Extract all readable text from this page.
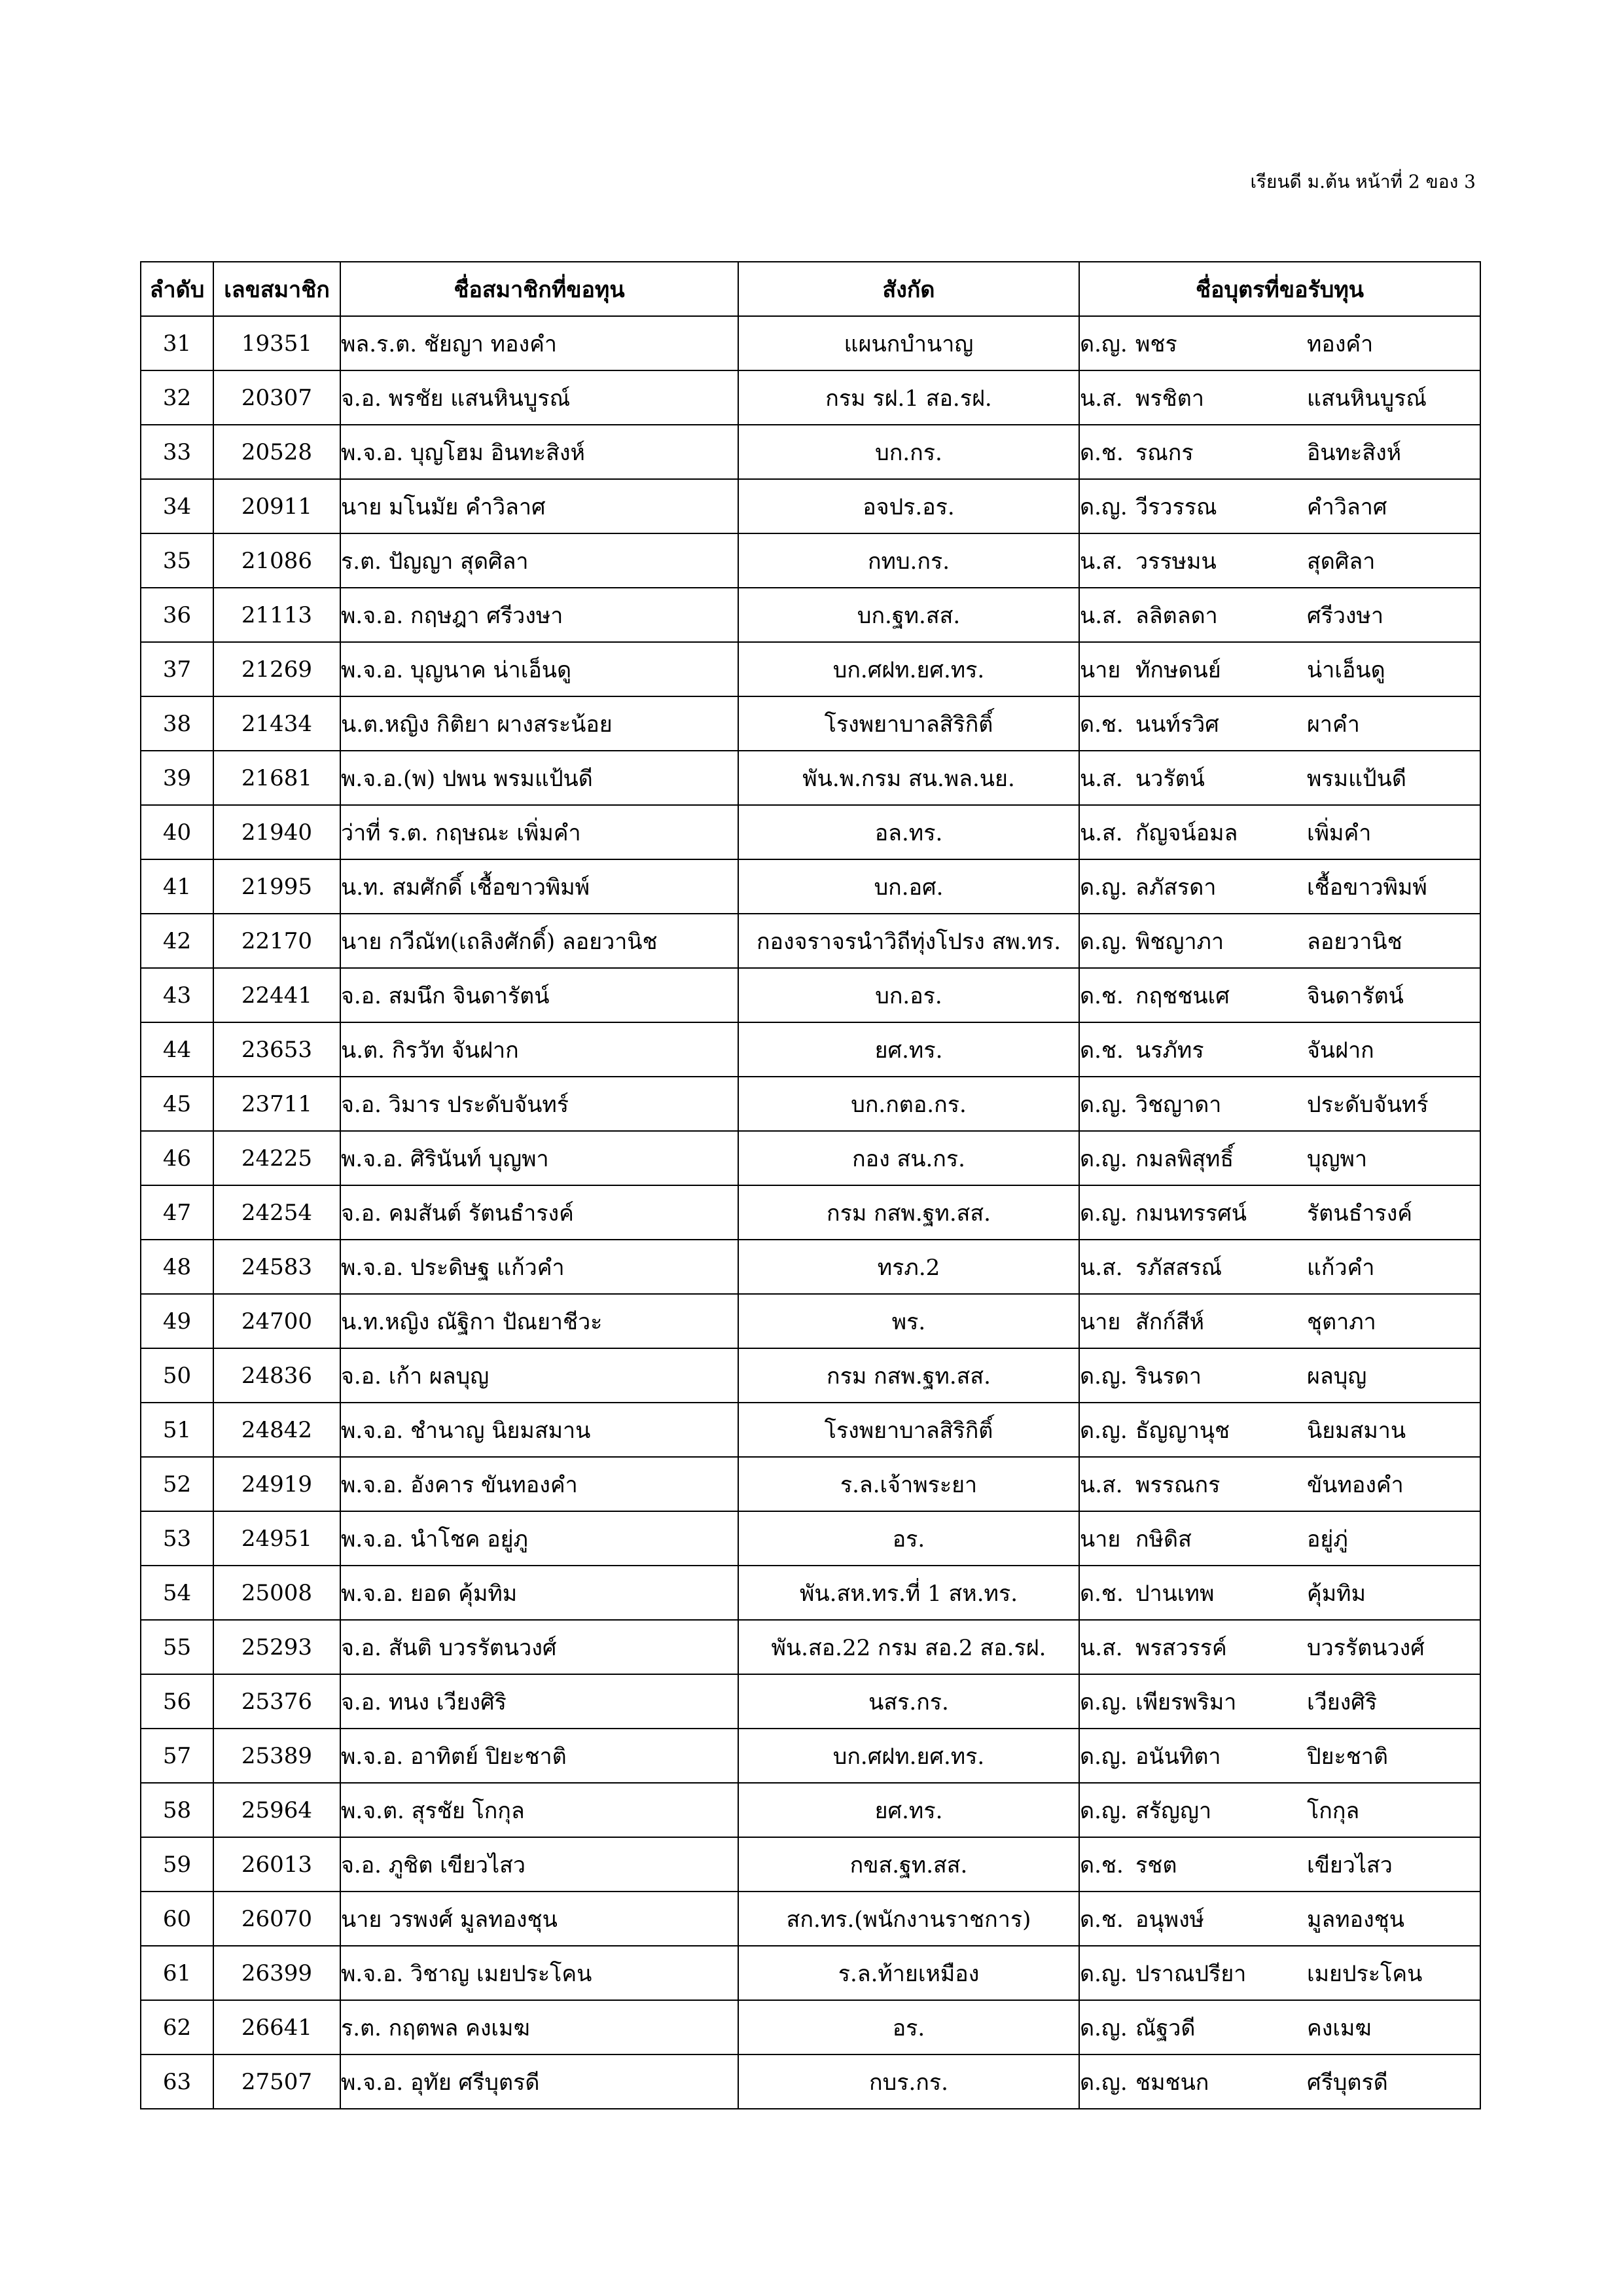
เรียนดี ม.ต้น หน้าที่ 2 ของ 3
ลำดับ	เลขสมาชิก	ชื่อสมาชิกที่ขอทุน	สังกัด	ชื่อบุตรที่ขอรับทุน
31	19351	พล.ร.ต. ชัยญา ทองคำ	แผนกบำนาญ	ด.ญ. พชร ทองคำ
32	20307	จ.อ. พรชัย แสนหินบูรณ์	กรม รฝ.1 สอ.รฝ.	น.ส. พรชิตา แสนหินบูรณ์
33	20528	พ.จ.อ. บุญโฮม อินทะสิงห์	บก.กร.	ด.ช. รณกร อินทะสิงห์
34	20911	นาย มโนมัย คำวิลาศ	อจปร.อร.	ด.ญ. วีรวรรณ คำวิลาศ
35	21086	ร.ต. ปัญญา สุดศิลา	กทบ.กร.	น.ส. วรรษมน สุดศิลา
36	21113	พ.จ.อ. กฤษฎา ศรีวงษา	บก.ฐท.สส.	น.ส. ลลิตลดา ศรีวงษา
37	21269	พ.จ.อ. บุญนาค น่าเอ็นดู	บก.ศฝท.ยศ.ทร.	นาย ทักษดนย์ น่าเอ็นดู
38	21434	น.ต.หญิง กิติยา ผางสระน้อย	โรงพยาบาลสิริกิติ์	ด.ช. นนท์รวิศ ผาคำ
39	21681	พ.จ.อ.(พ) ปพน พรมแป้นดี	พัน.พ.กรม สน.พล.นย.	น.ส. นวรัตน์ พรมแป้นดี
40	21940	ว่าที่ ร.ต. กฤษณะ เพิ่มคำ	อล.ทร.	น.ส. กัญจน์อมล เพิ่มคำ
41	21995	น.ท. สมศักดิ์ เชื้อขาวพิมพ์	บก.อศ.	ด.ญ. ลภัสรดา เชื้อขาวพิมพ์
42	22170	นาย กวีณัท(เถลิงศักดิ์) ลอยวานิช	กองจราจรนำวิถีทุ่งโปรง สพ.ทร.	ด.ญ. พิชญาภา ลอยวานิช
43	22441	จ.อ. สมนึก จินดารัตน์	บก.อร.	ด.ช. กฤชชนเศ จินดารัตน์
44	23653	น.ต. กิรวัท จันฝาก	ยศ.ทร.	ด.ช. นรภัทร จันฝาก
45	23711	จ.อ. วิมาร ประดับจันทร์	บก.กตอ.กร.	ด.ญ. วิชญาดา ประดับจันทร์
46	24225	พ.จ.อ. ศิรินันท์ บุญพา	กอง สน.กร.	ด.ญ. กมลพิสุทธิ์ บุญพา
47	24254	จ.อ. คมสันต์ รัตนธำรงค์	กรม กสพ.ฐท.สส.	ด.ญ. กมนทรรศน์ รัตนธำรงค์
48	24583	พ.จ.อ. ประดิษฐ แก้วคำ	ทรภ.2	น.ส. รภัสสรณ์ แก้วคำ
49	24700	น.ท.หญิง ณัฐิกา ปัณยาชีวะ	พร.	นาย สักก์สีห์ ชุตาภา
50	24836	จ.อ. เก้า ผลบุญ	กรม กสพ.ฐท.สส.	ด.ญ. รินรดา ผลบุญ
51	24842	พ.จ.อ. ชำนาญ นิยมสมาน	โรงพยาบาลสิริกิติ์	ด.ญ. ธัญญานุช นิยมสมาน
52	24919	พ.จ.อ. อังคาร ขันทองคำ	ร.ล.เจ้าพระยา	น.ส. พรรณกร ขันทองคำ
53	24951	พ.จ.อ. นำโชค อยู่ภู	อร.	นาย กษิดิส อยู่ภู่
54	25008	พ.จ.อ. ยอด คุ้มทิม	พัน.สห.ทร.ที่ 1 สห.ทร.	ด.ช. ปานเทพ คุ้มทิม
55	25293	จ.อ. สันติ บวรรัตนวงศ์	พัน.สอ.22 กรม สอ.2 สอ.รฝ.	น.ส. พรสวรรค์ บวรรัตนวงศ์
56	25376	จ.อ. ทนง เวียงศิริ	นสร.กร.	ด.ญ. เพียรพริมา เวียงศิริ
57	25389	พ.จ.อ. อาทิตย์ ปิยะชาติ	บก.ศฝท.ยศ.ทร.	ด.ญ. อนันทิตา ปิยะชาติ
58	25964	พ.จ.ต. สุรชัย โกกุล	ยศ.ทร.	ด.ญ. สรัญญา โกกุล
59	26013	จ.อ. ภูชิต เขียวไสว	กขส.ฐท.สส.	ด.ช. รชต เขียวไสว
60	26070	นาย วรพงศ์ มูลทองชุน	สก.ทร.(พนักงานราชการ)	ด.ช. อนุพงษ์ มูลทองชุน
61	26399	พ.จ.อ. วิชาญ เมยประโคน	ร.ล.ท้ายเหมือง	ด.ญ. ปราณปรียา เมยประโคน
62	26641	ร.ต. กฤตพล คงเมฆ	อร.	ด.ญ. ณัฐวดี คงเมฆ
63	27507	พ.จ.อ. อุทัย ศรีบุตรดี	กบร.กร.	ด.ญ. ชมชนก ศรีบุตรดี
